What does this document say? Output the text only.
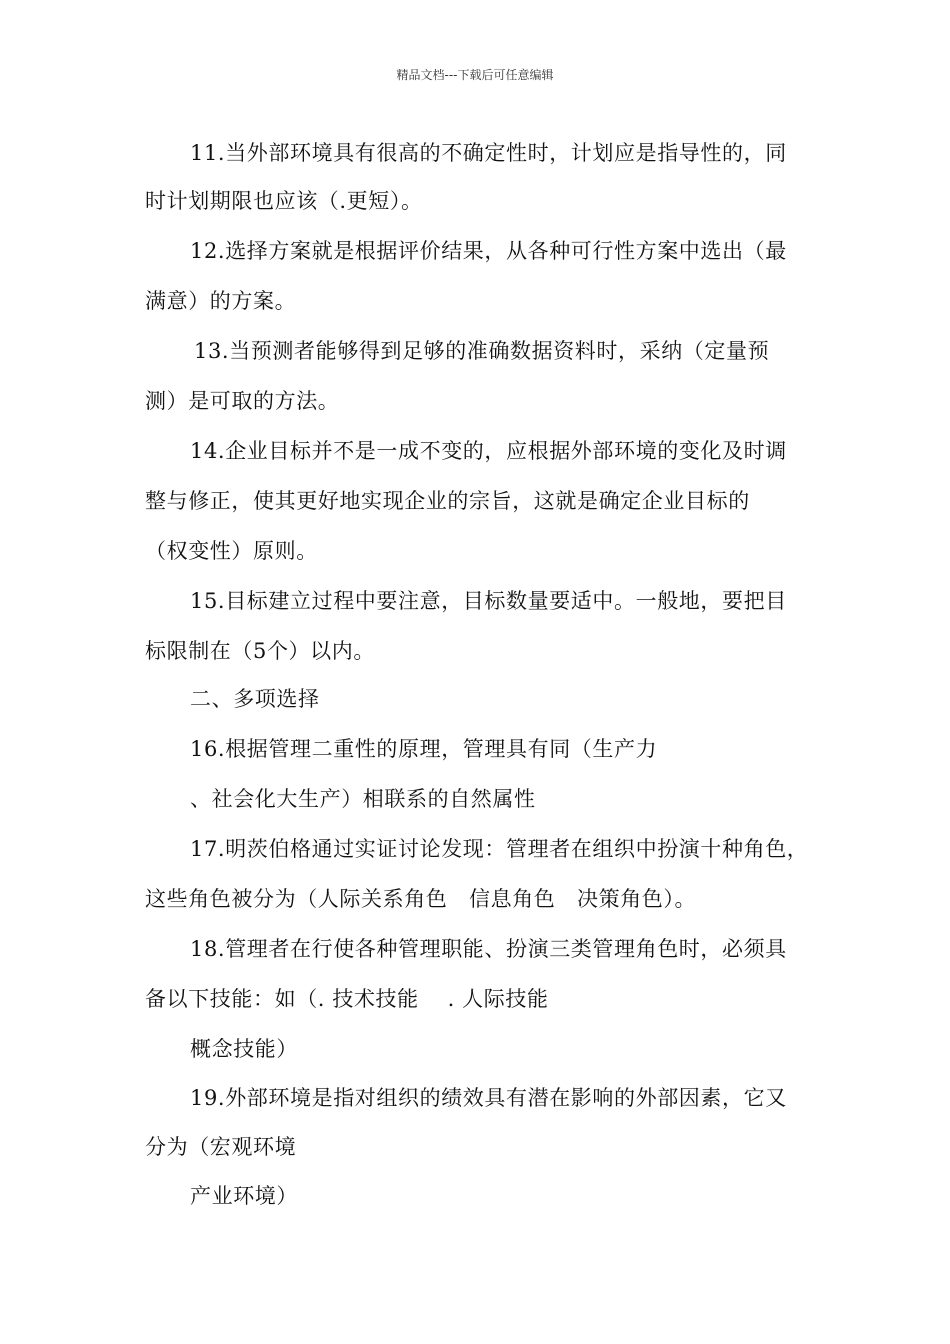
精品文档---下载后可任意编辑
11.当外部环境具有很高的不确定性时，计划应是指导性的，同
时计划期限也应该（.更短）。
12.选择方案就是根据评价结果，从各种可行性方案中选出（最
满意）的方案。
13.当预测者能够得到足够的准确数据资料时，采纳（定量预
测）是可取的方法。
14.企业目标并不是一成不变的，应根据外部环境的变化及时调
整与修正，使其更好地实现企业的宗旨，这就是确定企业目标的
（权变性）原则。
15.目标建立过程中要注意，目标数量要适中。一般地，要把目
标限制在（5个）以内。
二、多项选择
16.根据管理二重性的原理，管理具有同（生产力
、社会化大生产）相联系的自然属性
17.明茨伯格通过实证讨论发现：管理者在组织中扮演十种角色，
这些角色被分为（人际关系角色　信息角色　决策角色）。
18.管理者在行使各种管理职能、扮演三类管理角色时，必须具
备以下技能：如（. 技术技能　 . 人际技能
概念技能）
19.外部环境是指对组织的绩效具有潜在影响的外部因素，它又
分为（宏观环境
产业环境）
